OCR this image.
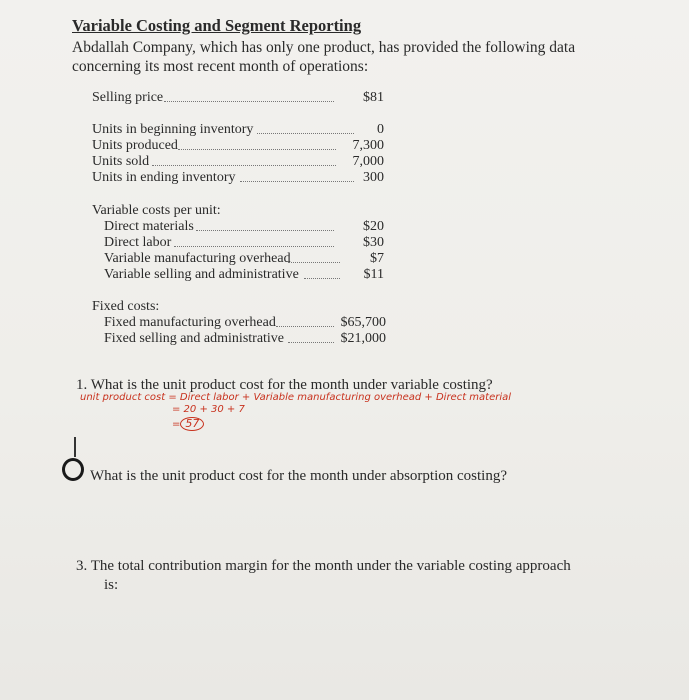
Variable Costing and Segment Reporting
Abdallah Company, which has only one product, has provided the following data concerning its most recent month of operations:
Selling price	$81
Units in beginning inventory	0
Units produced	7,300
Units sold	7,000
Units in ending inventory	300
Variable costs per unit:
Direct materials	$20
Direct labor	$30
Variable manufacturing overhead	$7
Variable selling and administrative	$11
Fixed costs:
Fixed manufacturing overhead	$65,700
Fixed selling and administrative	$21,000
1. What is the unit product cost for the month under variable costing?
unit product cost = Direct labor + Variable manufacturing overhead + Direct material
= 20 + 30 + 7
= 57
What is the unit product cost for the month under absorption costing?
3. The total contribution margin for the month under the variable costing approach
is:
